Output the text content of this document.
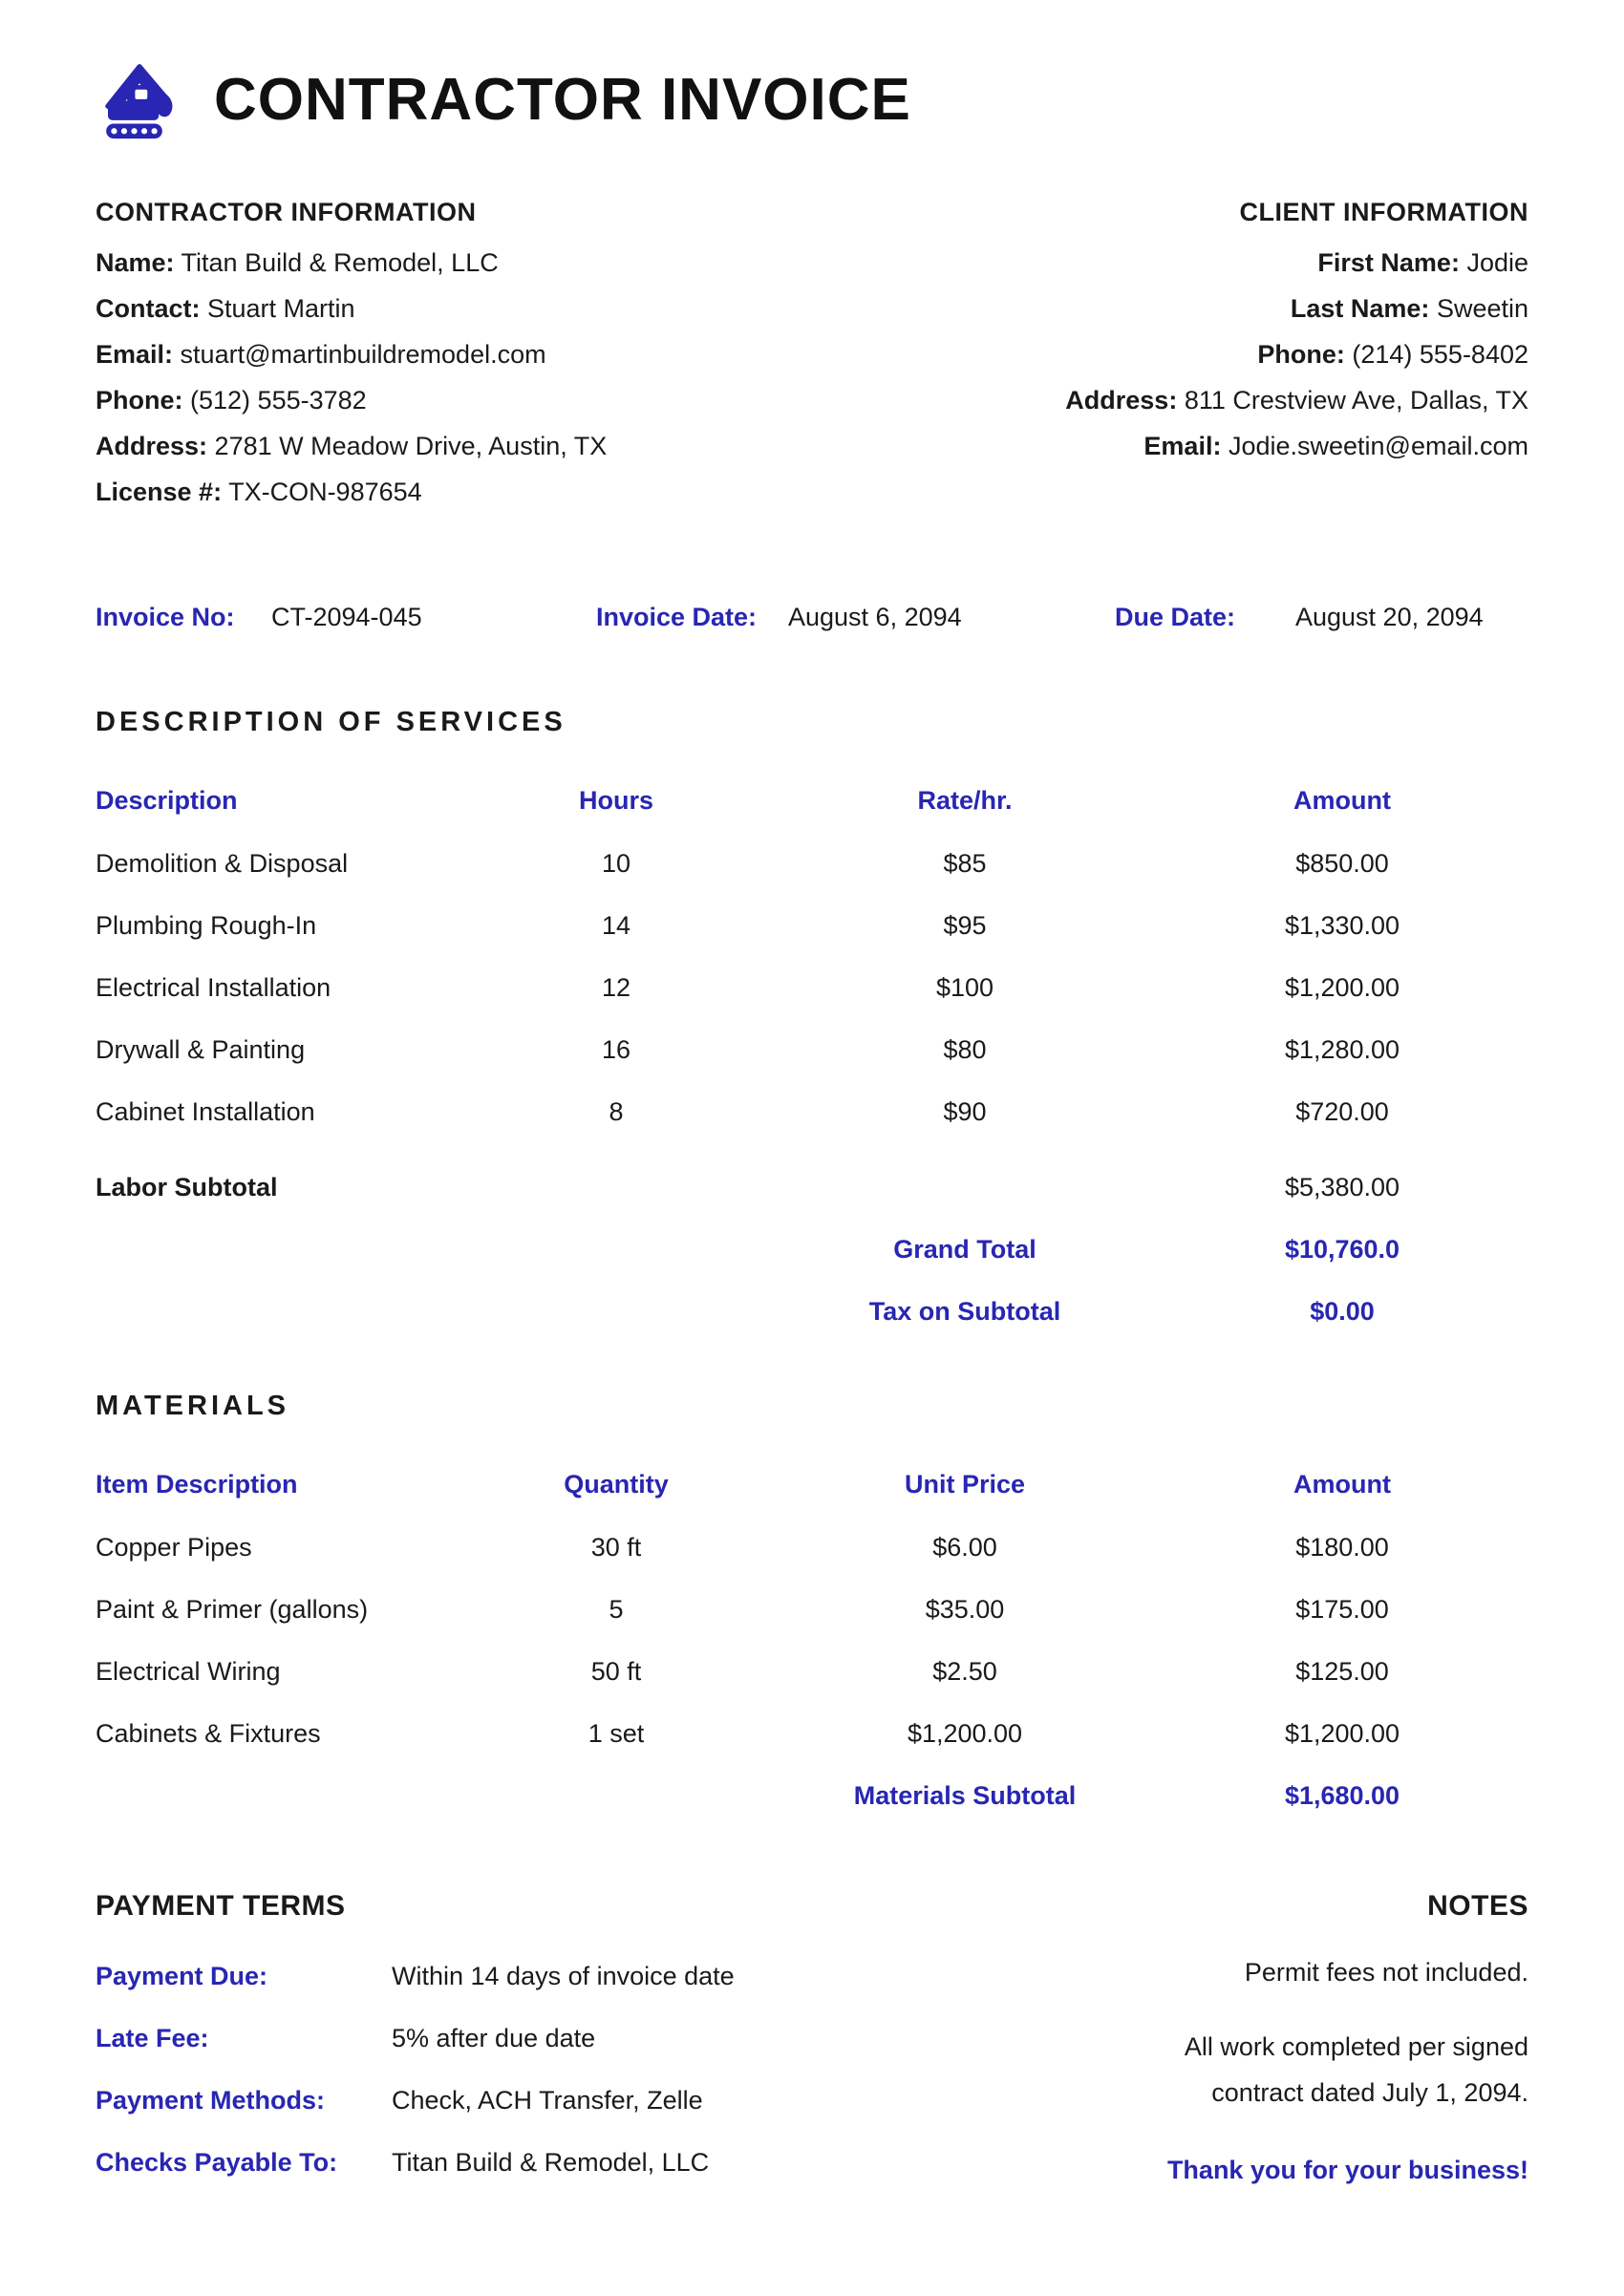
CONTRACTOR INVOICE
CONTRACTOR INFORMATION
Name: Titan Build & Remodel, LLC
Contact: Stuart Martin
Email: stuart@martinbuildremodel.com
Phone: (512) 555-3782
Address: 2781 W Meadow Drive, Austin, TX
License #: TX-CON-987654
CLIENT INFORMATION
First Name: Jodie
Last Name: Sweetin
Phone: (214) 555-8402
Address: 811 Crestview Ave, Dallas, TX
Email: Jodie.sweetin@email.com
Invoice No:	CT-2094-045	Invoice Date:	August 6, 2094	Due Date:	August 20, 2094
DESCRIPTION OF SERVICES
Description	Hours	Rate/hr.	Amount
Demolition & Disposal	10	$85	$850.00
Plumbing Rough-In	14	$95	$1,330.00
Electrical Installation	12	$100	$1,200.00
Drywall & Painting	16	$80	$1,280.00
Cabinet Installation	8	$90	$720.00
Labor Subtotal	$5,380.00
Grand Total	$10,760.0
Tax on Subtotal	$0.00
MATERIALS
Item Description	Quantity	Unit Price	Amount
Copper Pipes	30 ft	$6.00	$180.00
Paint & Primer (gallons)	5	$35.00	$175.00
Electrical Wiring	50 ft	$2.50	$125.00
Cabinets & Fixtures	1 set	$1,200.00	$1,200.00
Materials Subtotal	$1,680.00
PAYMENT TERMS
Payment Due:	Within 14 days of invoice date
Late Fee:	5% after due date
Payment Methods:	Check, ACH Transfer, Zelle
Checks Payable To:	Titan Build & Remodel, LLC
NOTES
Permit fees not included.
All work completed per signed contract dated July 1, 2094.
Thank you for your business!
